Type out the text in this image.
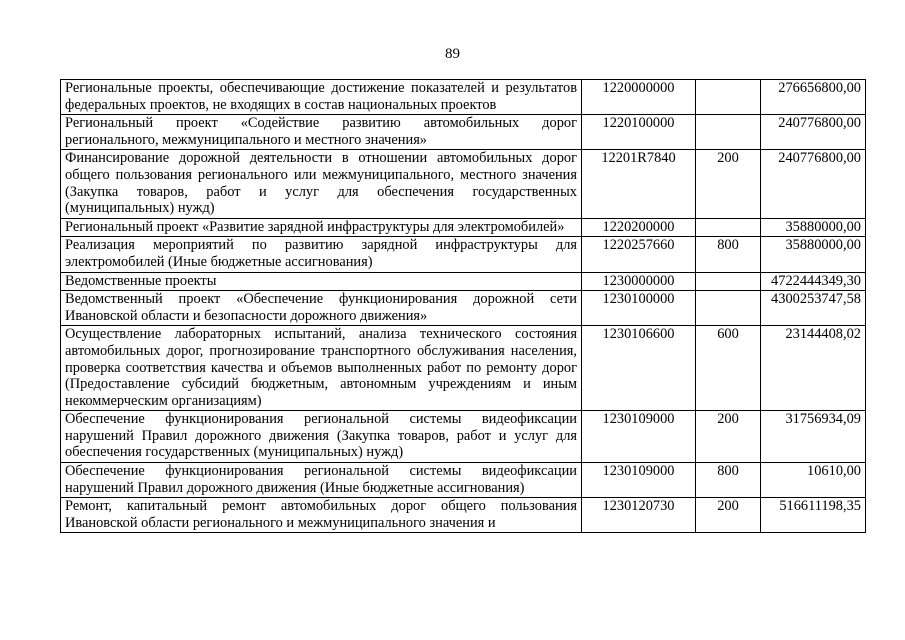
89
Региональные проекты, обеспечивающие достижение показателей и результатов федеральных проектов, не входящих в состав национальных проектов	1220000000		276656800,00
Региональный проект «Содействие развитию автомобильных дорог регионального, межмуниципального и местного значения»	1220100000		240776800,00
Финансирование дорожной деятельности в отношении автомобильных дорог общего пользования регионального или межмуниципального, местного значения (Закупка товаров, работ и услуг для обеспечения государственных (муниципальных) нужд)	12201R7840	200	240776800,00
Региональный проект «Развитие зарядной инфраструктуры для электромобилей»	1220200000		35880000,00
Реализация мероприятий по развитию зарядной инфраструктуры для электромобилей (Иные бюджетные ассигнования)	1220257660	800	35880000,00
Ведомственные проекты	1230000000		4722444349,30
Ведомственный проект «Обеспечение функционирования дорожной сети Ивановской области и безопасности дорожного движения»	1230100000		4300253747,58
Осуществление лабораторных испытаний, анализа технического состояния автомобильных дорог, прогнозирование транспортного обслуживания населения, проверка соответствия качества и объемов выполненных работ по ремонту дорог (Предоставление субсидий бюджетным, автономным учреждениям и иным некоммерческим организациям)	1230106600	600	23144408,02
Обеспечение функционирования региональной системы видеофиксации нарушений Правил дорожного движения (Закупка товаров, работ и услуг для обеспечения государственных (муниципальных) нужд)	1230109000	200	31756934,09
Обеспечение функционирования региональной системы видеофиксации нарушений Правил дорожного движения (Иные бюджетные ассигнования)	1230109000	800	10610,00
Ремонт, капитальный ремонт автомобильных дорог общего пользования Ивановской области регионального и межмуниципального значения и	1230120730	200	516611198,35
